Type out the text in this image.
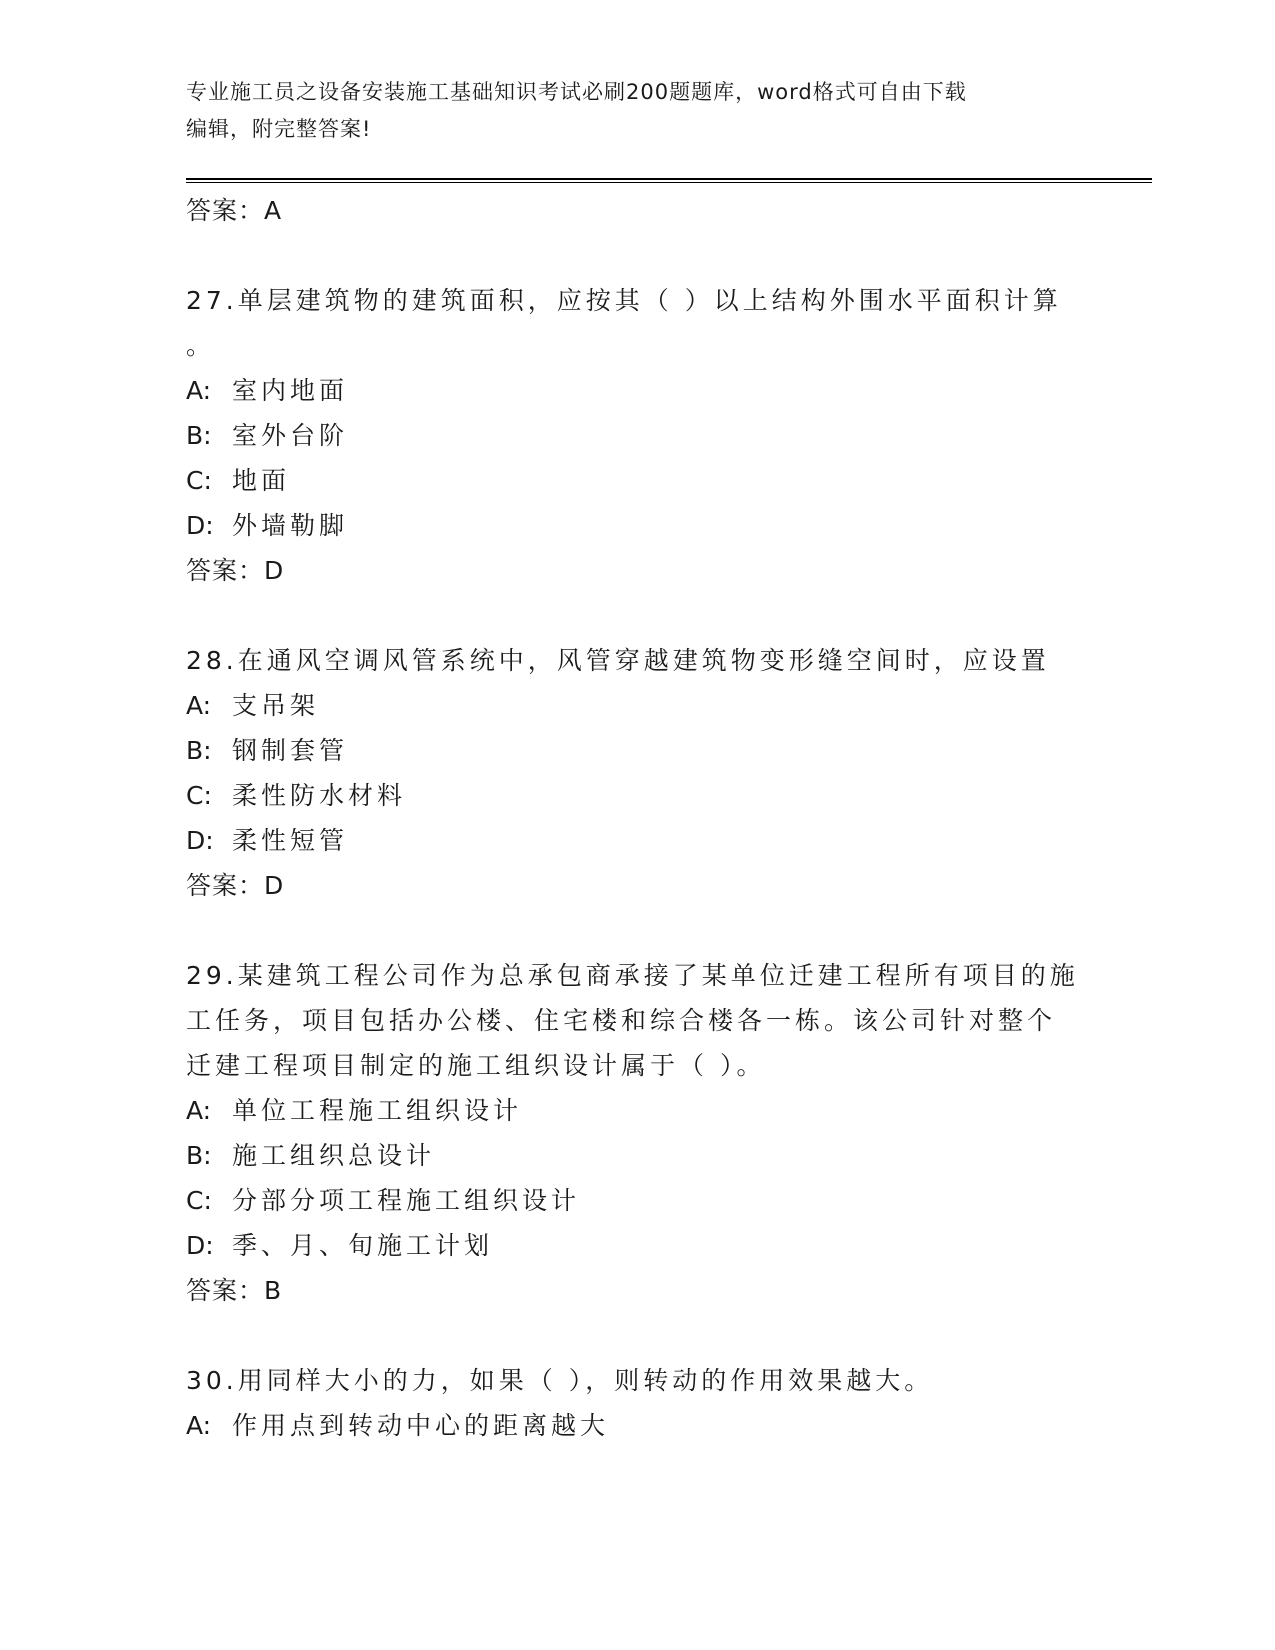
专业施工员之设备安装施工基础知识考试必刷200题题库，word格式可自由下载
编辑，附完整答案!
答案：A
27.单层建筑物的建筑面积，应按其（ ）以上结构外围水平面积计算
。
A: 室内地面
B: 室外台阶
C: 地面
D: 外墙勒脚
答案：D
28.在通风空调风管系统中，风管穿越建筑物变形缝空间时，应设置
A: 支吊架
B: 钢制套管
C: 柔性防水材料
D: 柔性短管
答案：D
29.某建筑工程公司作为总承包商承接了某单位迁建工程所有项目的施
工任务，项目包括办公楼、住宅楼和综合楼各一栋。该公司针对整个
迁建工程项目制定的施工组织设计属于（ ）。
A: 单位工程施工组织设计
B: 施工组织总设计
C: 分部分项工程施工组织设计
D: 季、月、旬施工计划
答案：B
30.用同样大小的力，如果（ ），则转动的作用效果越大。
A: 作用点到转动中心的距离越大
